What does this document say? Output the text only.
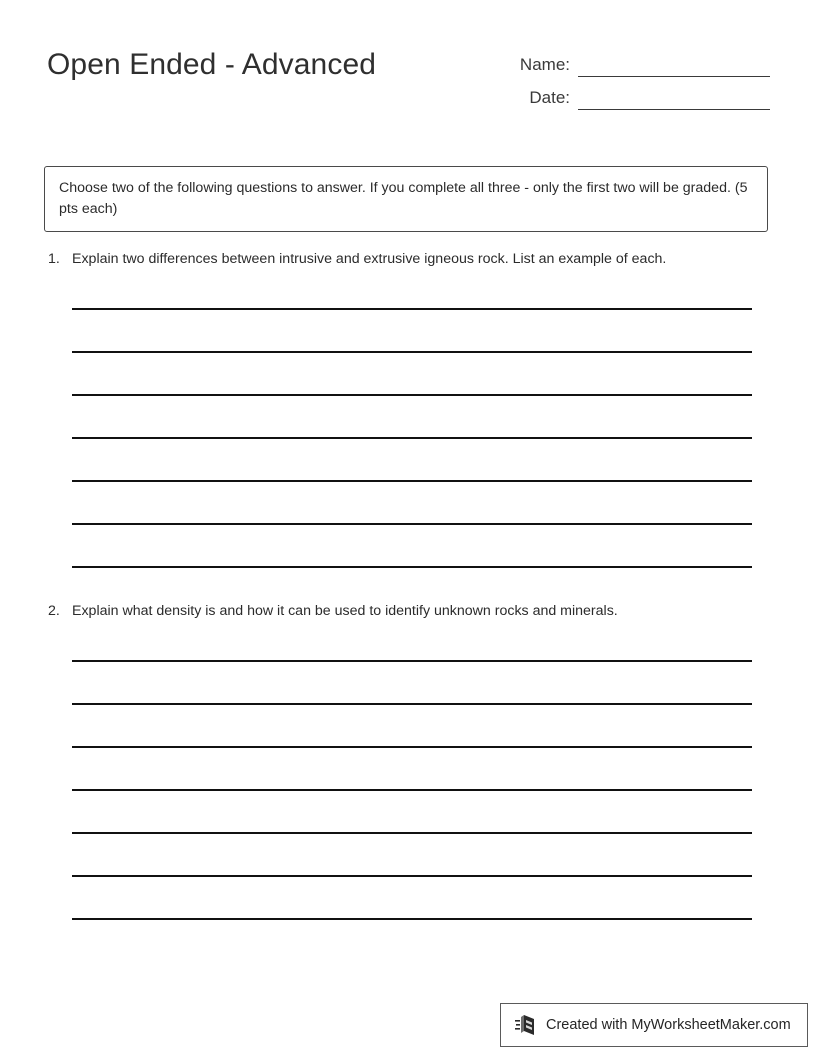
Open Ended - Advanced	Name:
Date:
Choose two of the following questions to answer. If you complete all three - only the first two will be graded. (5 pts each)
1. Explain two differences between intrusive and extrusive igneous rock. List an example of each.
2. Explain what density is and how it can be used to identify unknown rocks and minerals.
Created with MyWorksheetMaker.com
